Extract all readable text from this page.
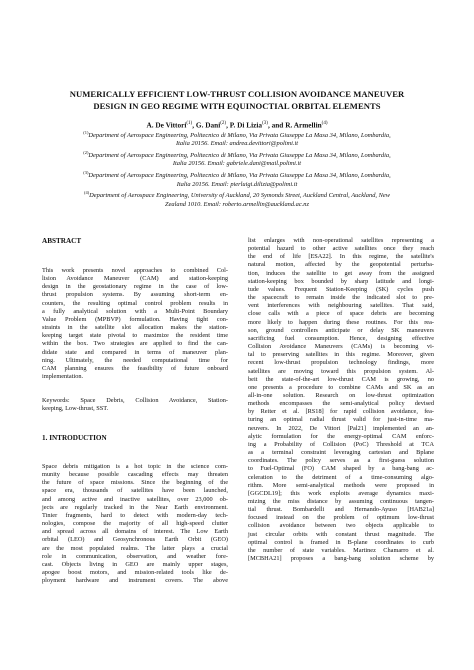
NUMERICALLY EFFICIENT LOW-THRUST COLLISION AVOIDANCE MANEUVER
DESIGN IN GEO REGIME WITH EQUINOCTIAL ORBITAL ELEMENTS
A. De Vittori$^{(1)}$, G. Dani$^{(2)}$, P. Di Lizia$^{(3)}$, and R. Armellin$^{(4)}$
$^{(1)}$Department of Aerospace Engineering, Politecnico di Milano, Via Privata Giuseppe La Masa 34, Milano, Lombardia,
Italia 20156. Email: andrea.devittori@polimi.it
$^{(2)}$Department of Aerospace Engineering, Politecnico di Milano, Via Privata Giuseppe La Masa 34, Milano, Lombardia,
Italia 20156. Email: gabriele.dani@mail.polimi.it
$^{(3)}$Department of Aerospace Engineering, Politecnico di Milano, Via Privata Giuseppe La Masa 34, Milano, Lombardia,
Italia 20156. Email: pierluigi.dilizia@polimi.it
$^{(4)}$Department of Aerospace Engineering, University of Auckland, 20 Symonds Street, Auckland Central, Auckland, New
Zealand 1010. Email: roberto.armellin@auckland.ac.nz
ABSTRACT
This work presents novel approaches to combined Col-
lision Avoidance Maneuver (CAM) and station-keeping
design in the geostationary regime in the case of low-
thrust propulsion systems. By assuming short-term en-
counters, the resulting optimal control problem results in
a fully analytical solution with a Multi-Point Boundary
Value Problem (MPBVP) formulation. Having tight con-
straints in the satellite slot allocation makes the station-
keeping target state pivotal to maximize the resident time
within the box. Two strategies are applied to find the can-
didate state and compared in terms of maneuver plan-
ning. Ultimately, the needed computational time for
CAM planning ensures the feasibility of future onboard
implementation.
Keywords: Space Debris, Collision Avoidance, Station-
keeping, Low-thrust, SST.
1. INTRODUCTION
Space debris mitigation is a hot topic in the science com-
munity because possible cascading effects may threaten
the future of space missions. Since the beginning of the
space era, thousands of satellites have been launched,
and among active and inactive satellites, over 23,000 ob-
jects are regularly tracked in the Near Earth environment.
Tinier fragments, hard to detect with modern-day tech-
nologies, compose the majority of all high-speed clutter
and spread across all domains of interest. The Low Earth
orbital (LEO) and Geosynchronous Earth Orbit (GEO)
are the most populated realms. The latter plays a crucial
role in communication, observation, and weather fore-
cast. Objects living in GEO are mainly upper stages,
apogee boost motors, and mission-related tools like de-
ployment hardware and instrument covers. The above
list enlarges with non-operational satellites representing a
potential hazard to other active satellites once they reach
the end of life [ESA22]. In this regime, the satellite's
natural motion, affected by the geopotential perturba-
tion, induces the satellite to get away from the assigned
station-keeping box bounded by sharp latitude and longi-
tude values. Frequent Station-Keeping (SK) cycles push
the spacecraft to remain inside the indicated slot to pre-
vent interferences with neighbouring satellites. That said,
close calls with a piece of space debris are becoming
more likely to happen during these routines. For this rea-
son, ground controllers anticipate or delay SK maneuvers
sacrificing fuel consumption. Hence, designing effective
Collision Avoidance Maneuvers (CAMs) is becoming vi-
tal to preserving satellites in this regime. Moreover, given
recent low-thrust propulsion technology findings, more
satellites are moving toward this propulsion system. Al-
beit the state-of-the-art low-thrust CAM is growing, no
one presents a procedure to combine CAMs and SK as an
all-in-one solution. Research on low-thrust optimization
methods encompasses the semi-analytical policy devised
by Reiter et al. [RS18] for rapid collision avoidance, fea-
turing an optimal radial thrust valid for just-in-time ma-
neuvers. In 2022, De Vittori [Pal21] implemented an an-
alytic formulation for the energy-optimal CAM enforc-
ing a Probability of Collision (PoC) Threshold at TCA
as a terminal constraint leveraging cartesian and Bplane
coordinates. The policy serves as a first-guess solution
to Fuel-Optimal (FO) CAM shaped by a bang-bang ac-
celeration to the detriment of a time-consuming algo-
rithm. More semi-analytical methods were proposed in
[GGCDL19]; this work exploits average dynamics maxi-
mizing the miss distance by assuming continuous tangen-
tial thrust. Bombardelli and Hernando-Ayuso [HAB21a]
focused instead on the problem of optimum low-thrust
collision avoidance between two objects applicable to
just circular orbits with constant thrust magnitude. The
optimal control is framed in B-plane coordinates to curb
the number of state variables. Martinez Chamarro et al.
[MCBHA21] proposes a bang-bang solution scheme by
